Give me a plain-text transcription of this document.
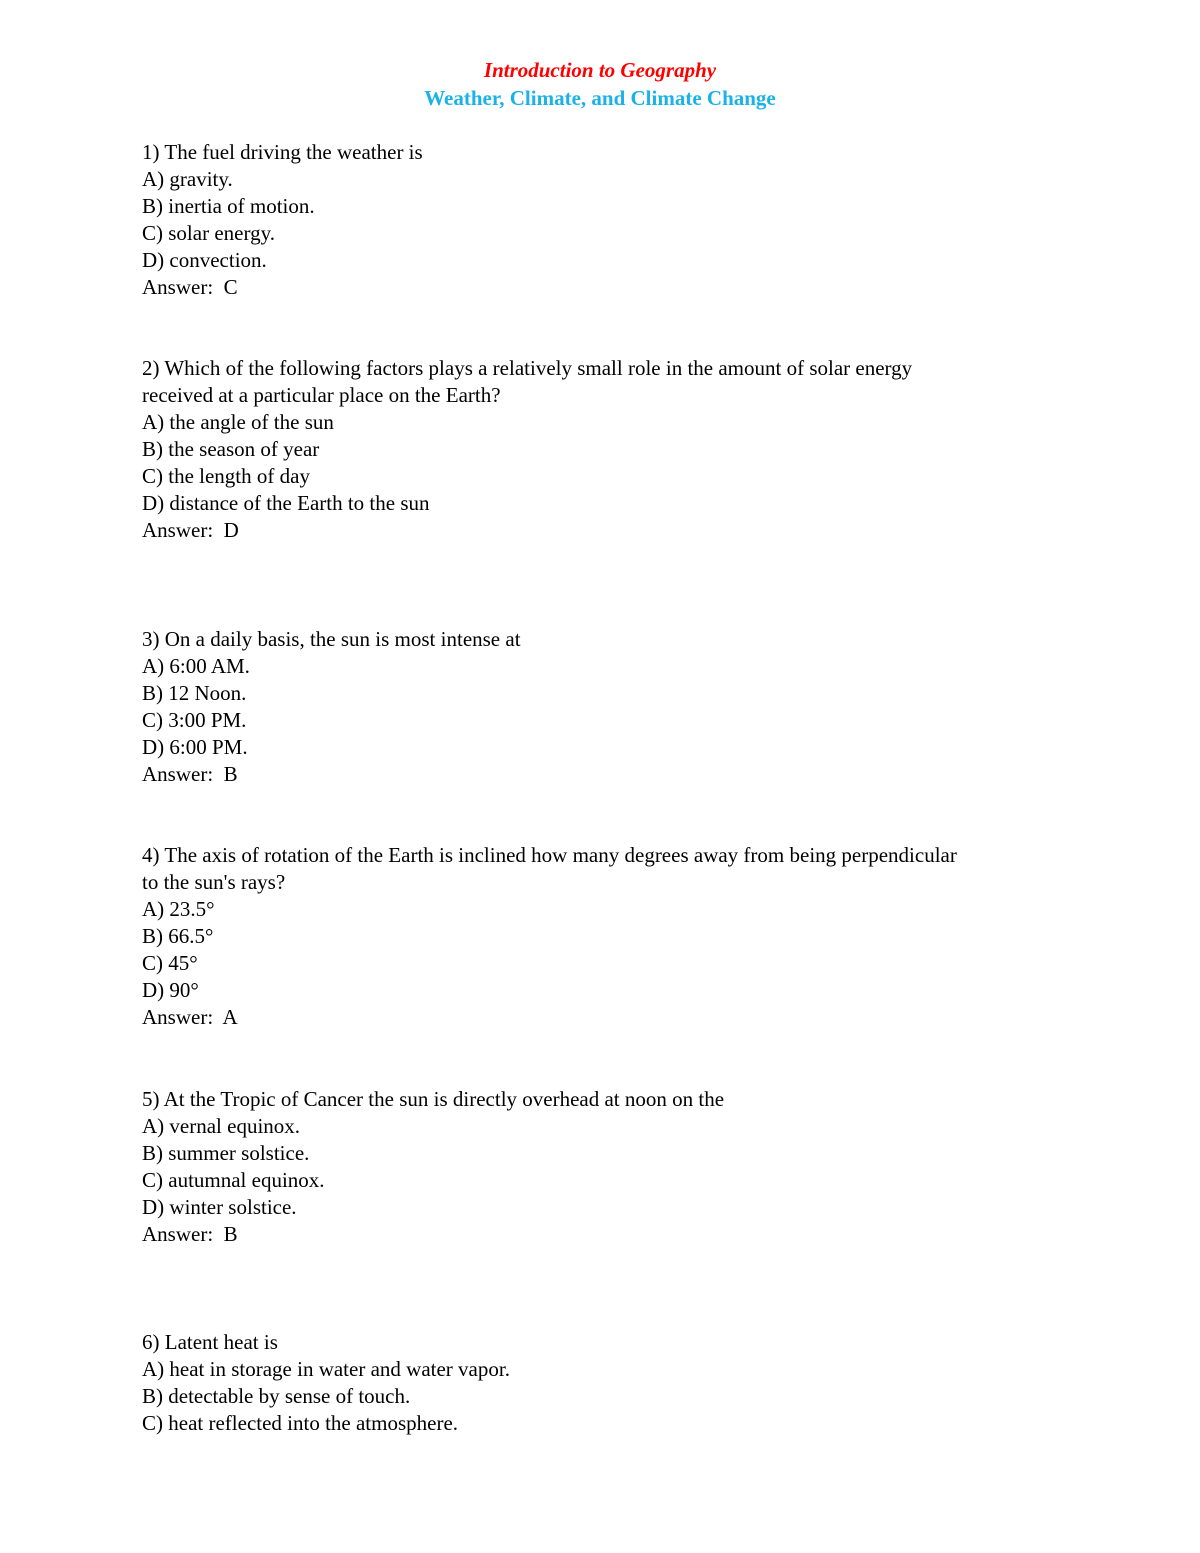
Introduction to Geography
Weather, Climate, and Climate Change
1) The fuel driving the weather is
A) gravity.
B) inertia of motion.
C) solar energy.
D) convection.
Answer:  C
2) Which of the following factors plays a relatively small role in the amount of solar energy
received at a particular place on the Earth?
A) the angle of the sun
B) the season of year
C) the length of day
D) distance of the Earth to the sun
Answer:  D
3) On a daily basis, the sun is most intense at
A) 6:00 AM.
B) 12 Noon.
C) 3:00 PM.
D) 6:00 PM.
Answer:  B
4) The axis of rotation of the Earth is inclined how many degrees away from being perpendicular
to the sun's rays?
A) 23.5°
B) 66.5°
C) 45°
D) 90°
Answer:  A
5) At the Tropic of Cancer the sun is directly overhead at noon on the
A) vernal equinox.
B) summer solstice.
C) autumnal equinox.
D) winter solstice.
Answer:  B
6) Latent heat is
A) heat in storage in water and water vapor.
B) detectable by sense of touch.
C) heat reflected into the atmosphere.
